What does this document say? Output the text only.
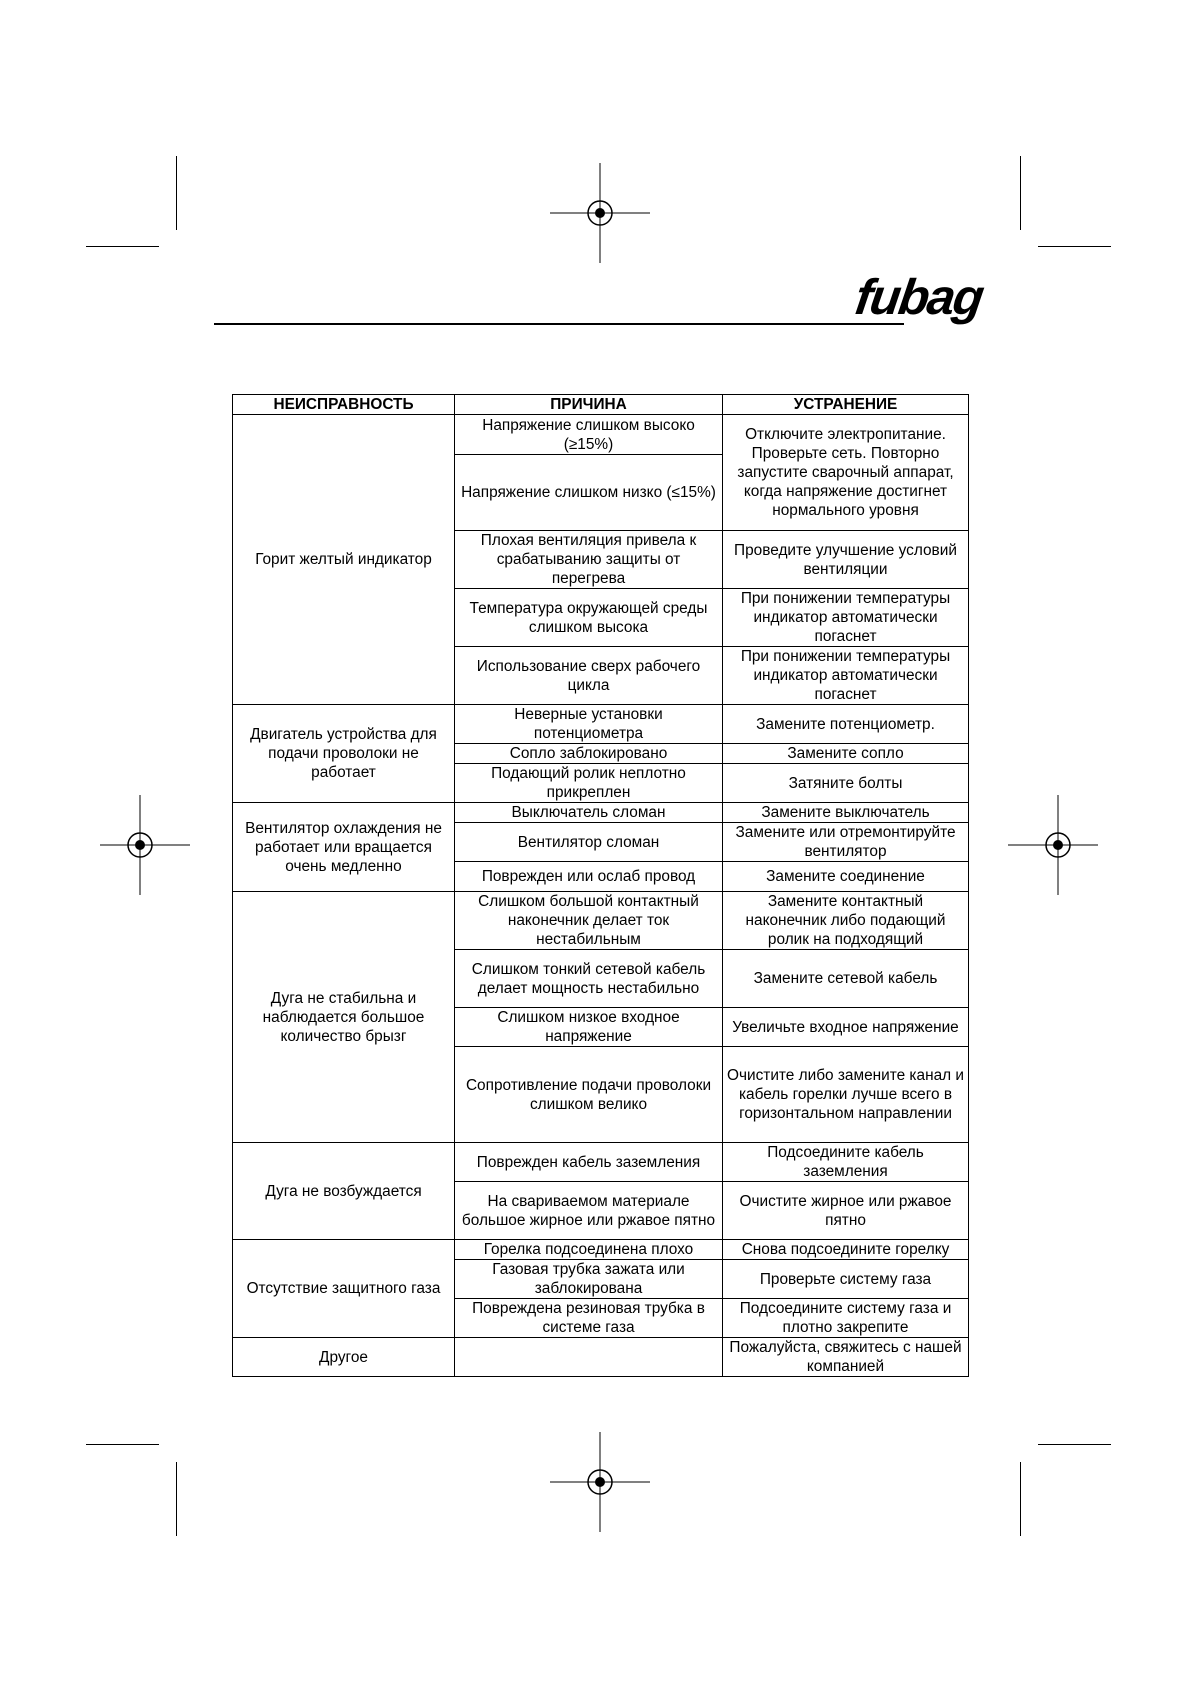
fubag
НЕИСПРАВНОСТЬ	ПРИЧИНА	УСТРАНЕНИЕ
Горит желтый индикатор	Напряжение слишком высоко (≥15%)	Отключите электропитание. Проверьте сеть. Повторно запустите сварочный аппарат, когда напряжение достигнет нормального уровня
	Напряжение слишком низко (≤15%)	
	Плохая вентиляция привела к срабатыванию защиты от перегрева	Проведите улучшение условий вентиляции
	Температура окружающей среды слишком высока	При понижении температуры индикатор автоматически погаснет
	Использование сверх рабочего цикла	При понижении температуры индикатор автоматически погаснет
Двигатель устройства для подачи проволоки не работает	Неверные установки потенциометра	Замените потенциометр.
	Сопло заблокировано	Замените сопло
	Подающий ролик неплотно прикреплен	Затяните болты
Вентилятор охлаждения не работает или вращается очень медленно	Выключатель сломан	Замените выключатель
	Вентилятор сломан	Замените или отремонтируйте вентилятор
	Поврежден или ослаб провод	Замените соединение
Дуга не стабильна и наблюдается большое количество брызг	Слишком большой контактный наконечник делает ток нестабильным	Замените контактный наконечник либо подающий ролик на подходящий
	Слишком тонкий сетевой кабель делает мощность нестабильно	Замените сетевой кабель
	Слишком низкое входное напряжение	Увеличьте входное напряжение
	Сопротивление подачи проволоки слишком велико	Очистите либо замените канал и кабель горелки лучше всего в горизонтальном направлении
Дуга не возбуждается	Поврежден кабель заземления	Подсоедините кабель заземления
	На свариваемом материале большое жирное или ржавое пятно	Очистите жирное или ржавое пятно
Отсутствие защитного газа	Горелка подсоединена плохо	Снова подсоедините горелку
	Газовая трубка зажата или заблокирована	Проверьте систему газа
	Повреждена резиновая трубка в системе газа	Подсоедините систему газа и плотно закрепите
Другое		Пожалуйста, свяжитесь с нашей компанией
